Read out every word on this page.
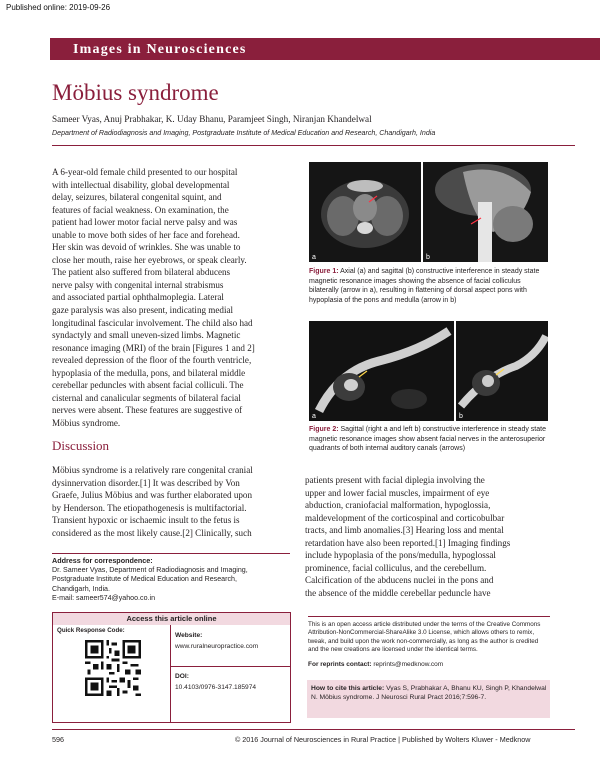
Published online: 2019-09-26
Images in Neurosciences
Möbius syndrome
Sameer Vyas, Anuj Prabhakar, K. Uday Bhanu, Paramjeet Singh, Niranjan Khandelwal
Department of Radiodiagnosis and Imaging, Postgraduate Institute of Medical Education and Research, Chandigarh, India
A 6-year-old female child presented to our hospital
with intellectual disability, global developmental
delay, seizures, bilateral congenital squint, and
features of facial weakness. On examination, the
patient had lower motor facial nerve palsy and was
unable to move both sides of her face and forehead.
Her skin was devoid of wrinkles. She was unable to
close her mouth, raise her eyebrows, or speak clearly.
The patient also suffered from bilateral abducens
nerve palsy with congenital internal strabismus
and associated partial ophthalmoplegia. Lateral
gaze paralysis was also present, indicating medial
longitudinal fascicular involvement. The child also had
syndactyly and small uneven-sized limbs. Magnetic
resonance imaging (MRI) of the brain [Figures 1 and 2]
revealed depression of the floor of the fourth ventricle,
hypoplasia of the medulla, pons, and bilateral middle
cerebellar peduncles with absent facial colliculi. The
cisternal and canalicular segments of bilateral facial
nerves were absent. These features are suggestive of
Möbius syndrome.
Discussion
Möbius syndrome is a relatively rare congenital cranial
dysinnervation disorder.[1] It was described by Von
Graefe, Julius Möbius and was further elaborated upon
by Henderson. The etiopathogenesis is multifactorial.
Transient hypoxic or ischaemic insult to the fetus is
considered as the most likely cause.[2] Clinically, such
a	b
Figure 1: Axial (a) and sagittal (b) constructive interference in steady state magnetic resonance images showing the absence of facial colliculus bilaterally (arrow in a), resulting in flattening of dorsal aspect pons with hypoplasia of the pons and medulla (arrow in b)
a	b
Figure 2: Sagittal (right a and left b) constructive interference in steady state magnetic resonance images show absent facial nerves in the anterosuperior quadrants of both internal auditory canals (arrows)
patients present with facial diplegia involving the
upper and lower facial muscles, impairment of eye
abduction, craniofacial malformation, hypoglossia,
maldevelopment of the corticospinal and corticobulbar
tracts, and limb anomalies.[3] Hearing loss and mental
retardation have also been reported.[1] Imaging findings
include hypoplasia of the pons/medulla, hypoglossal
prominence, facial colliculus, and the cerebellum.
Calcification of the abducens nuclei in the pons and
the absence of the middle cerebellar peduncle have
Address for correspondence:
Dr. Sameer Vyas, Department of Radiodiagnosis and Imaging,
Postgraduate Institute of Medical Education and Research,
Chandigarh, India.
E-mail: sameer574@yahoo.co.in
Access this article online
Quick Response Code:
Website:
www.ruralneuropractice.com
DOI:
10.4103/0976-3147.185974
This is an open access article distributed under the terms of the Creative Commons Attribution-NonCommercial-ShareAlike 3.0 License, which allows others to remix, tweak, and build upon the work non-commercially, as long as the author is credited and the new creations are licensed under the identical terms.
For reprints contact: reprints@medknow.com
How to cite this article: Vyas S, Prabhakar A, Bhanu KU, Singh P, Khandelwal N. Möbius syndrome. J Neurosci Rural Pract 2016;7:596-7.
596	© 2016 Journal of Neurosciences in Rural Practice | Published by Wolters Kluwer - Medknow
